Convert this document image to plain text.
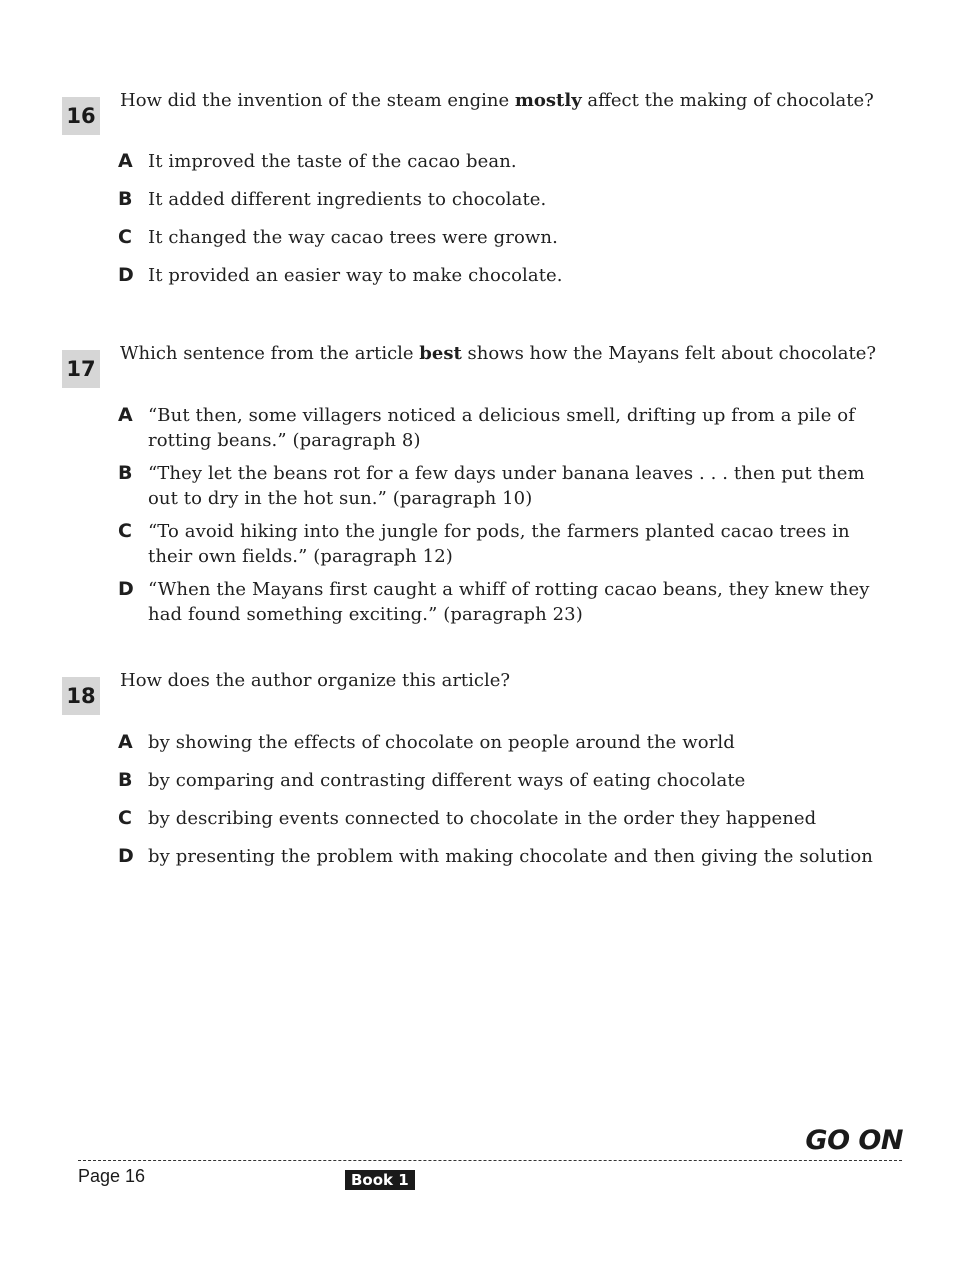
16
How did the invention of the steam engine mostly affect the making of chocolate?
A It improved the taste of the cacao bean.
B It added different ingredients to chocolate.
C It changed the way cacao trees were grown.
D It provided an easier way to make chocolate.
17
Which sentence from the article best shows how the Mayans felt about chocolate?
A “But then, some villagers noticed a delicious smell, drifting up from a pile of rotting beans.” (paragraph 8)
B “They let the beans rot for a few days under banana leaves . . . then put them out to dry in the hot sun.” (paragraph 10)
C “To avoid hiking into the jungle for pods, the farmers planted cacao trees in their own fields.” (paragraph 12)
D “When the Mayans first caught a whiff of rotting cacao beans, they knew they had found something exciting.” (paragraph 23)
18
How does the author organize this article?
A by showing the effects of chocolate on people around the world
B by comparing and contrasting different ways of eating chocolate
C by describing events connected to chocolate in the order they happened
D by presenting the problem with making chocolate and then giving the solution
GO ON
Page 16	Book 1
